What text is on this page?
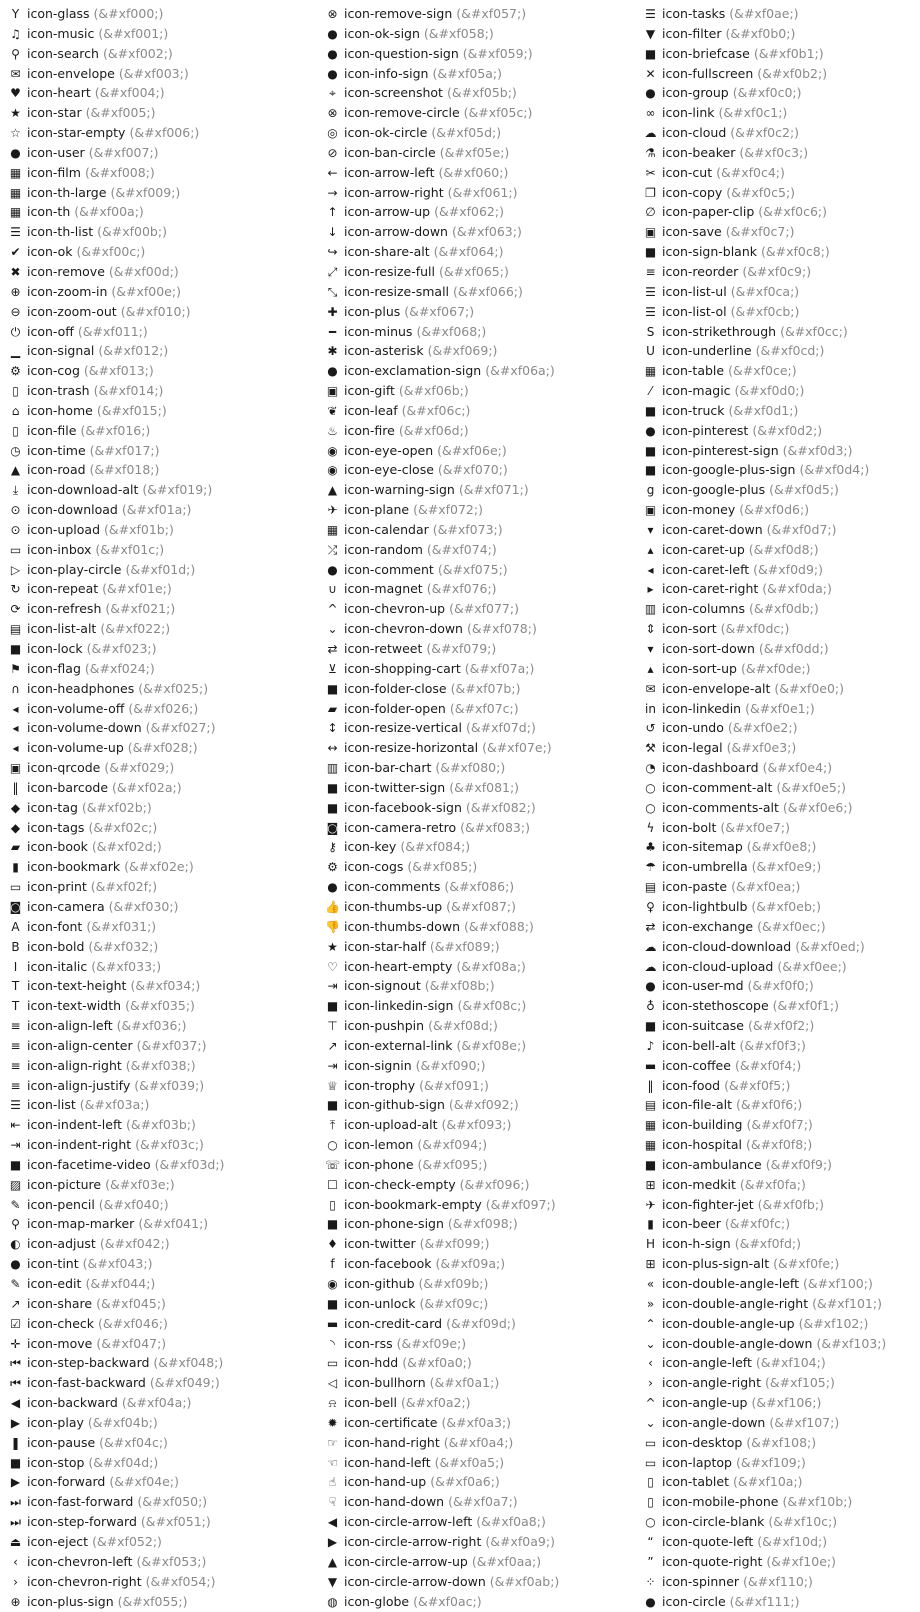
Y icon-glass (&#xf000;)
♫ icon-music (&#xf001;)
⚲ icon-search (&#xf002;)
✉ icon-envelope (&#xf003;)
♥ icon-heart (&#xf004;)
★ icon-star (&#xf005;)
☆ icon-star-empty (&#xf006;)
● icon-user (&#xf007;)
▦ icon-film (&#xf008;)
▦ icon-th-large (&#xf009;)
▦ icon-th (&#xf00a;)
☰ icon-th-list (&#xf00b;)
✔ icon-ok (&#xf00c;)
✖ icon-remove (&#xf00d;)
⊕ icon-zoom-in (&#xf00e;)
⊖ icon-zoom-out (&#xf010;)
⏻ icon-off (&#xf011;)
▁ icon-signal (&#xf012;)
⚙ icon-cog (&#xf013;)
▯ icon-trash (&#xf014;)
⌂ icon-home (&#xf015;)
▯ icon-file (&#xf016;)
◷ icon-time (&#xf017;)
▲ icon-road (&#xf018;)
⤓ icon-download-alt (&#xf019;)
⊙ icon-download (&#xf01a;)
⊙ icon-upload (&#xf01b;)
▭ icon-inbox (&#xf01c;)
▷ icon-play-circle (&#xf01d;)
↻ icon-repeat (&#xf01e;)
⟳ icon-refresh (&#xf021;)
▤ icon-list-alt (&#xf022;)
■ icon-lock (&#xf023;)
⚑ icon-flag (&#xf024;)
∩ icon-headphones (&#xf025;)
◂ icon-volume-off (&#xf026;)
◂ icon-volume-down (&#xf027;)
◂ icon-volume-up (&#xf028;)
▣ icon-qrcode (&#xf029;)
‖ icon-barcode (&#xf02a;)
◆ icon-tag (&#xf02b;)
◆ icon-tags (&#xf02c;)
▰ icon-book (&#xf02d;)
▮ icon-bookmark (&#xf02e;)
▭ icon-print (&#xf02f;)
◙ icon-camera (&#xf030;)
A icon-font (&#xf031;)
B icon-bold (&#xf032;)
I icon-italic (&#xf033;)
T icon-text-height (&#xf034;)
T icon-text-width (&#xf035;)
≡ icon-align-left (&#xf036;)
≡ icon-align-center (&#xf037;)
≡ icon-align-right (&#xf038;)
≡ icon-align-justify (&#xf039;)
☰ icon-list (&#xf03a;)
⇤ icon-indent-left (&#xf03b;)
⇥ icon-indent-right (&#xf03c;)
■ icon-facetime-video (&#xf03d;)
▨ icon-picture (&#xf03e;)
✎ icon-pencil (&#xf040;)
⚲ icon-map-marker (&#xf041;)
◐ icon-adjust (&#xf042;)
● icon-tint (&#xf043;)
✎ icon-edit (&#xf044;)
↗ icon-share (&#xf045;)
☑ icon-check (&#xf046;)
✛ icon-move (&#xf047;)
⏮ icon-step-backward (&#xf048;)
⏮ icon-fast-backward (&#xf049;)
◀ icon-backward (&#xf04a;)
▶ icon-play (&#xf04b;)
❚ icon-pause (&#xf04c;)
■ icon-stop (&#xf04d;)
▶ icon-forward (&#xf04e;)
⏭ icon-fast-forward (&#xf050;)
⏭ icon-step-forward (&#xf051;)
⏏ icon-eject (&#xf052;)
‹ icon-chevron-left (&#xf053;)
› icon-chevron-right (&#xf054;)
⊕ icon-plus-sign (&#xf055;)
⊗ icon-remove-sign (&#xf057;)
● icon-ok-sign (&#xf058;)
● icon-question-sign (&#xf059;)
● icon-info-sign (&#xf05a;)
⌖ icon-screenshot (&#xf05b;)
⊗ icon-remove-circle (&#xf05c;)
◎ icon-ok-circle (&#xf05d;)
⊘ icon-ban-circle (&#xf05e;)
← icon-arrow-left (&#xf060;)
→ icon-arrow-right (&#xf061;)
↑ icon-arrow-up (&#xf062;)
↓ icon-arrow-down (&#xf063;)
↪ icon-share-alt (&#xf064;)
⤢ icon-resize-full (&#xf065;)
⤡ icon-resize-small (&#xf066;)
✚ icon-plus (&#xf067;)
━ icon-minus (&#xf068;)
✱ icon-asterisk (&#xf069;)
● icon-exclamation-sign (&#xf06a;)
▣ icon-gift (&#xf06b;)
❦ icon-leaf (&#xf06c;)
♨ icon-fire (&#xf06d;)
◉ icon-eye-open (&#xf06e;)
◉ icon-eye-close (&#xf070;)
▲ icon-warning-sign (&#xf071;)
✈ icon-plane (&#xf072;)
▦ icon-calendar (&#xf073;)
⤮ icon-random (&#xf074;)
● icon-comment (&#xf075;)
∪ icon-magnet (&#xf076;)
^ icon-chevron-up (&#xf077;)
⌄ icon-chevron-down (&#xf078;)
⇄ icon-retweet (&#xf079;)
⊻ icon-shopping-cart (&#xf07a;)
■ icon-folder-close (&#xf07b;)
▰ icon-folder-open (&#xf07c;)
↕ icon-resize-vertical (&#xf07d;)
↔ icon-resize-horizontal (&#xf07e;)
▥ icon-bar-chart (&#xf080;)
■ icon-twitter-sign (&#xf081;)
■ icon-facebook-sign (&#xf082;)
◙ icon-camera-retro (&#xf083;)
⚷ icon-key (&#xf084;)
⚙ icon-cogs (&#xf085;)
● icon-comments (&#xf086;)
👍 icon-thumbs-up (&#xf087;)
👎 icon-thumbs-down (&#xf088;)
★ icon-star-half (&#xf089;)
♡ icon-heart-empty (&#xf08a;)
⇥ icon-signout (&#xf08b;)
■ icon-linkedin-sign (&#xf08c;)
⊤ icon-pushpin (&#xf08d;)
↗ icon-external-link (&#xf08e;)
⇥ icon-signin (&#xf090;)
♕ icon-trophy (&#xf091;)
■ icon-github-sign (&#xf092;)
⤒ icon-upload-alt (&#xf093;)
○ icon-lemon (&#xf094;)
☏ icon-phone (&#xf095;)
☐ icon-check-empty (&#xf096;)
▯ icon-bookmark-empty (&#xf097;)
■ icon-phone-sign (&#xf098;)
♦ icon-twitter (&#xf099;)
f icon-facebook (&#xf09a;)
◉ icon-github (&#xf09b;)
■ icon-unlock (&#xf09c;)
▬ icon-credit-card (&#xf09d;)
◝ icon-rss (&#xf09e;)
▭ icon-hdd (&#xf0a0;)
◁ icon-bullhorn (&#xf0a1;)
⍾ icon-bell (&#xf0a2;)
✹ icon-certificate (&#xf0a3;)
☞ icon-hand-right (&#xf0a4;)
☜ icon-hand-left (&#xf0a5;)
☝ icon-hand-up (&#xf0a6;)
☟ icon-hand-down (&#xf0a7;)
◀ icon-circle-arrow-left (&#xf0a8;)
▶ icon-circle-arrow-right (&#xf0a9;)
▲ icon-circle-arrow-up (&#xf0aa;)
▼ icon-circle-arrow-down (&#xf0ab;)
◍ icon-globe (&#xf0ac;)
☰ icon-tasks (&#xf0ae;)
▼ icon-filter (&#xf0b0;)
■ icon-briefcase (&#xf0b1;)
✕ icon-fullscreen (&#xf0b2;)
● icon-group (&#xf0c0;)
∞ icon-link (&#xf0c1;)
☁ icon-cloud (&#xf0c2;)
⚗ icon-beaker (&#xf0c3;)
✂ icon-cut (&#xf0c4;)
❐ icon-copy (&#xf0c5;)
∅ icon-paper-clip (&#xf0c6;)
▣ icon-save (&#xf0c7;)
■ icon-sign-blank (&#xf0c8;)
≡ icon-reorder (&#xf0c9;)
☰ icon-list-ul (&#xf0ca;)
☰ icon-list-ol (&#xf0cb;)
S icon-strikethrough (&#xf0cc;)
U icon-underline (&#xf0cd;)
▦ icon-table (&#xf0ce;)
⁄ icon-magic (&#xf0d0;)
■ icon-truck (&#xf0d1;)
● icon-pinterest (&#xf0d2;)
■ icon-pinterest-sign (&#xf0d3;)
■ icon-google-plus-sign (&#xf0d4;)
g icon-google-plus (&#xf0d5;)
▣ icon-money (&#xf0d6;)
▾ icon-caret-down (&#xf0d7;)
▴ icon-caret-up (&#xf0d8;)
◂ icon-caret-left (&#xf0d9;)
▸ icon-caret-right (&#xf0da;)
▥ icon-columns (&#xf0db;)
⇕ icon-sort (&#xf0dc;)
▾ icon-sort-down (&#xf0dd;)
▴ icon-sort-up (&#xf0de;)
✉ icon-envelope-alt (&#xf0e0;)
in icon-linkedin (&#xf0e1;)
↺ icon-undo (&#xf0e2;)
⚒ icon-legal (&#xf0e3;)
◔ icon-dashboard (&#xf0e4;)
○ icon-comment-alt (&#xf0e5;)
○ icon-comments-alt (&#xf0e6;)
ϟ icon-bolt (&#xf0e7;)
♣ icon-sitemap (&#xf0e8;)
☂ icon-umbrella (&#xf0e9;)
▤ icon-paste (&#xf0ea;)
♀ icon-lightbulb (&#xf0eb;)
⇄ icon-exchange (&#xf0ec;)
☁ icon-cloud-download (&#xf0ed;)
☁ icon-cloud-upload (&#xf0ee;)
● icon-user-md (&#xf0f0;)
♁ icon-stethoscope (&#xf0f1;)
■ icon-suitcase (&#xf0f2;)
♪ icon-bell-alt (&#xf0f3;)
▬ icon-coffee (&#xf0f4;)
‖ icon-food (&#xf0f5;)
▤ icon-file-alt (&#xf0f6;)
▦ icon-building (&#xf0f7;)
▦ icon-hospital (&#xf0f8;)
■ icon-ambulance (&#xf0f9;)
⊞ icon-medkit (&#xf0fa;)
✈ icon-fighter-jet (&#xf0fb;)
▮ icon-beer (&#xf0fc;)
H icon-h-sign (&#xf0fd;)
⊞ icon-plus-sign-alt (&#xf0fe;)
« icon-double-angle-left (&#xf100;)
» icon-double-angle-right (&#xf101;)
⌃ icon-double-angle-up (&#xf102;)
⌄ icon-double-angle-down (&#xf103;)
‹ icon-angle-left (&#xf104;)
› icon-angle-right (&#xf105;)
^ icon-angle-up (&#xf106;)
⌄ icon-angle-down (&#xf107;)
▭ icon-desktop (&#xf108;)
▭ icon-laptop (&#xf109;)
▯ icon-tablet (&#xf10a;)
▯ icon-mobile-phone (&#xf10b;)
○ icon-circle-blank (&#xf10c;)
“ icon-quote-left (&#xf10d;)
” icon-quote-right (&#xf10e;)
⁘ icon-spinner (&#xf110;)
● icon-circle (&#xf111;)
